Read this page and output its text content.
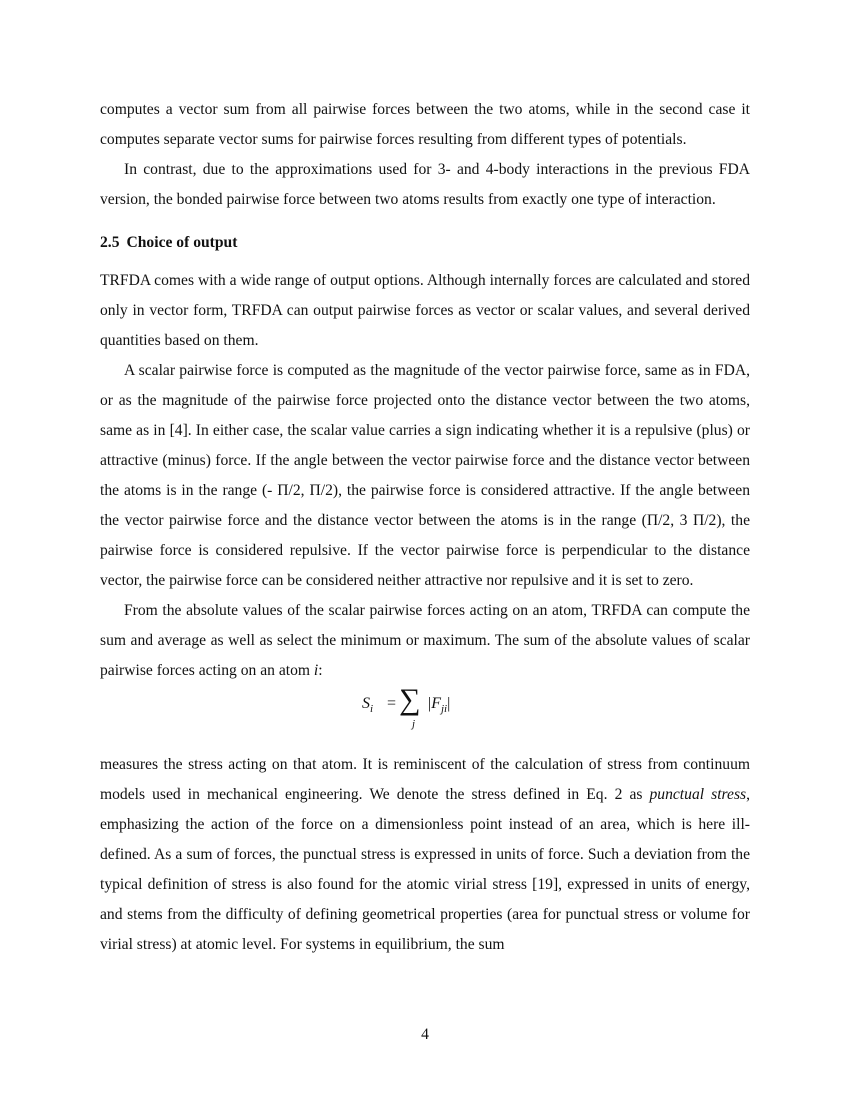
computes a vector sum from all pairwise forces between the two atoms, while in the second case it computes separate vector sums for pairwise forces resulting from different types of potentials.

In contrast, due to the approximations used for 3- and 4-body interactions in the previous FDA version, the bonded pairwise force between two atoms results from exactly one type of interaction.

2.5 Choice of output

TRFDA comes with a wide range of output options. Although internally forces are calculated and stored only in vector form, TRFDA can output pairwise forces as vector or scalar values, and several derived quantities based on them.

A scalar pairwise force is computed as the magnitude of the vector pairwise force, same as in FDA, or as the magnitude of the pairwise force projected onto the distance vector between the two atoms, same as in [4]. In either case, the scalar value carries a sign indicating whether it is a repulsive (plus) or attractive (minus) force. If the angle between the vector pairwise force and the distance vector between the atoms is in the range (- Π/2, Π/2), the pairwise force is considered attractive. If the angle between the vector pairwise force and the distance vector between the atoms is in the range (Π/2, 3 Π/2), the pairwise force is considered repulsive. If the vector pairwise force is perpendicular to the distance vector, the pairwise force can be considered neither attractive nor repulsive and it is set to zero.

From the absolute values of the scalar pairwise forces acting on an atom, TRFDA can compute the sum and average as well as select the minimum or maximum. The sum of the absolute values of scalar pairwise forces acting on an atom i:

$S_i$ = ∑
j
$|F_{ji}|$

measures the stress acting on that atom. It is reminiscent of the calculation of stress from continuum models used in mechanical engineering. We denote the stress defined in Eq. 2 as punctual stress, emphasizing the action of the force on a dimensionless point instead of an area, which is here ill-defined. As a sum of forces, the punctual stress is expressed in units of force. Such a deviation from the typical definition of stress is also found for the atomic virial stress [19], expressed in units of energy, and stems from the difficulty of defining geometrical properties (area for punctual stress or volume for virial stress) at atomic level. For systems in equilibrium, the sum

4
